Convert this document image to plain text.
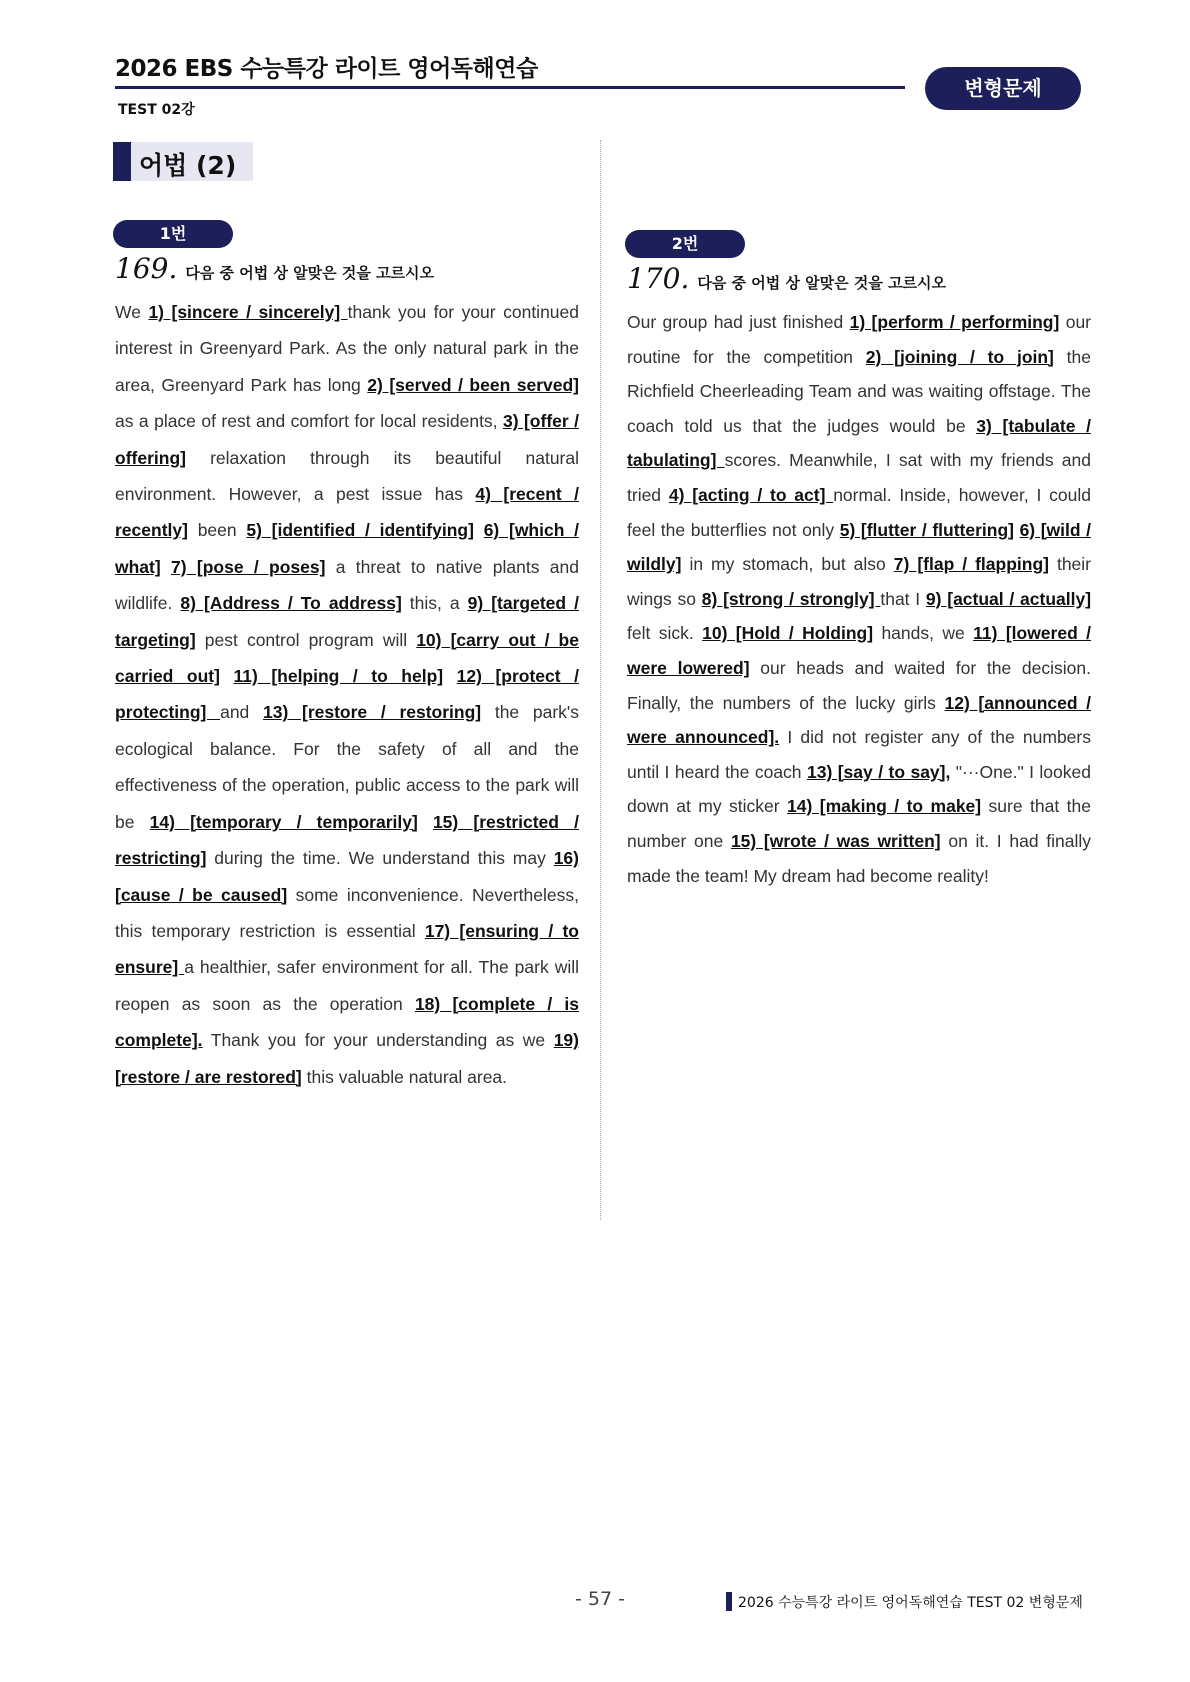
2026 EBS 수능특강 라이트 영어독해연습
TEST 02강
변형문제
어법 (2)
1번
169. 다음 중 어법 상 알맞은 것을 고르시오

We 1) [sincere / sincerely] thank you for your continued interest in Greenyard Park. As the only natural park in the area, Greenyard Park has long 2) [served / been served] as a place of rest and comfort for local residents, 3) [offer / offering] relaxation through its beautiful natural environment. However, a pest issue has 4) [recent / recently] been 5) [identified / identifying] 6) [which / what] 7) [pose / poses] a threat to native plants and wildlife. 8) [Address / To address] this, a 9) [targeted / targeting] pest control program will 10) [carry out / be carried out] 11) [helping / to help] 12) [protect / protecting] and 13) [restore / restoring] the park's ecological balance. For the safety of all and the effectiveness of the operation, public access to the park will be 14) [temporary / temporarily] 15) [restricted / restricting] during the time. We understand this may 16) [cause / be caused] some inconvenience. Nevertheless, this temporary restriction is essential 17) [ensuring / to ensure] a healthier, safer environment for all. The park will reopen as soon as the operation 18) [complete / is complete]. Thank you for your understanding as we 19) [restore / are restored] this valuable natural area.

2번
170. 다음 중 어법 상 알맞은 것을 고르시오

Our group had just finished 1) [perform / performing] our routine for the competition 2) [joining / to join] the Richfield Cheerleading Team and was waiting offstage. The coach told us that the judges would be 3) [tabulate / tabulating] scores. Meanwhile, I sat with my friends and tried 4) [acting / to act] normal. Inside, however, I could feel the butterflies not only 5) [flutter / fluttering] 6) [wild / wildly] in my stomach, but also 7) [flap / flapping] their wings so 8) [strong / strongly] that I 9) [actual / actually] felt sick. 10) [Hold / Holding] hands, we 11) [lowered / were lowered] our heads and waited for the decision. Finally, the numbers of the lucky girls 12) [announced / were announced]. I did not register any of the numbers until I heard the coach 13) [say / to say], "···One." I looked down at my sticker 14) [making / to make] sure that the number one 15) [wrote / was written] on it. I had finally made the team! My dream had become reality!

- 57 -	2026 수능특강 라이트 영어독해연습 TEST 02 변형문제
